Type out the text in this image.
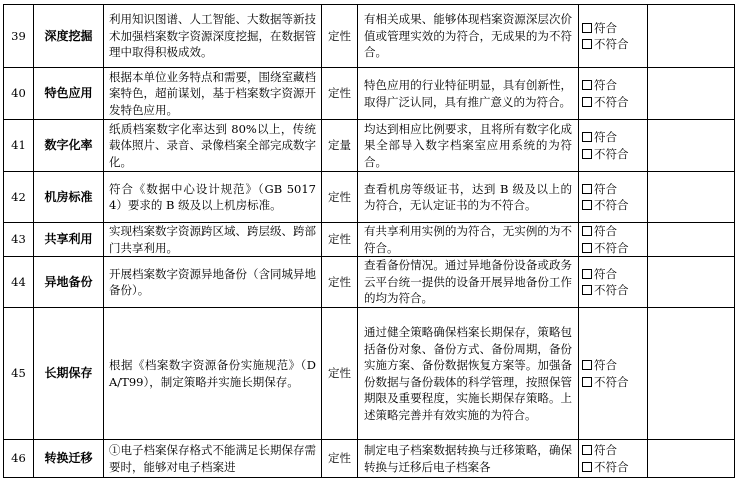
39	深度挖掘	利用知识图谱、人工智能、大数据等新技术加强档案数字资源深度挖掘，在数据管理中取得积极成效。	定性	有相关成果、能够体现档案资源深层次价值或管理实效的为符合，无成果的为不符合。	符合
不符合	

40	特色应用	根据本单位业务特点和需要，围绕室藏档案特色，超前谋划，基于档案数字资源开发特色应用。	定性	特色应用的行业特征明显，具有创新性，取得广泛认同，具有推广意义的为符合。	符合
不符合	

41	数字化率	纸质档案数字化率达到 80%以上，传统载体照片、录音、录像档案全部完成数字化。	定量	均达到相应比例要求，且将所有数字化成果全部导入数字档案室应用系统的为符合。	符合
不符合	

42	机房标准	符合《数据中心设计规范》（GB 50174）要求的 B 级及以上机房标准。	定性	查看机房等级证书，达到 B 级及以上的为符合，无认定证书的为不符合。	符合
不符合	

43	共享利用	实现档案数字资源跨区域、跨层级、跨部门共享利用。	定性	有共享利用实例的为符合，无实例的为不符合。	符合
不符合	

44	异地备份	开展档案数字资源异地备份（含同城异地备份）。	定性	查看备份情况。通过异地备份设备或政务云平台统一提供的设备开展异地备份工作的均为符合。	符合
不符合	

45	长期保存	根据《档案数字资源备份实施规范》（DA/T99），制定策略并实施长期保存。	定性	通过健全策略确保档案长期保存，策略包括备份对象、备份方式、备份周期，备份实施方案、备份数据恢复方案等。加强备份数据与备份载体的科学管理，按照保管期限及重要程度，实施长期保存策略。上述策略完善并有效实施的为符合。	符合
不符合	

46	转换迁移	①电子档案保存格式不能满足长期保存需要时，能够对电子档案进	定性	制定电子档案数据转换与迁移策略，确保转换与迁移后电子档案各	符合
不符合	
